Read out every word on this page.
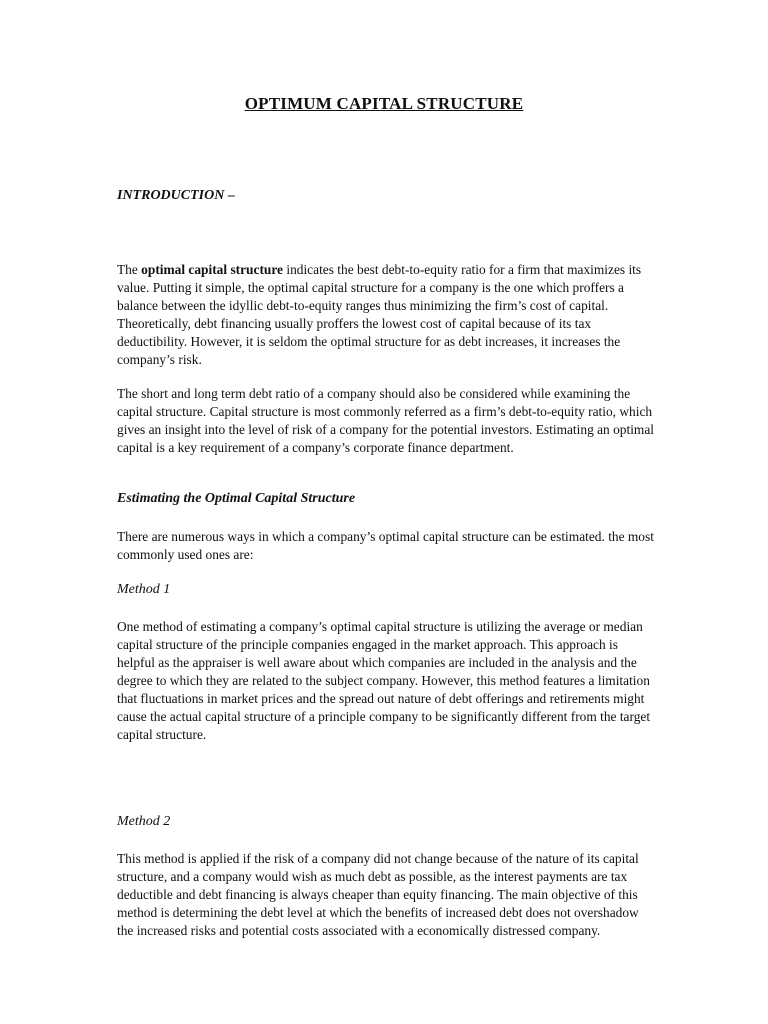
OPTIMUM CAPITAL STRUCTURE
INTRODUCTION –
The optimal capital structure indicates the best debt-to-equity ratio for a firm that maximizes its value. Putting it simple, the optimal capital structure for a company is the one which proffers a balance between the idyllic debt-to-equity ranges thus minimizing the firm’s cost of capital. Theoretically, debt financing usually proffers the lowest cost of capital because of its tax deductibility. However, it is seldom the optimal structure for as debt increases, it increases the company’s risk.
The short and long term debt ratio of a company should also be considered while examining the capital structure. Capital structure is most commonly referred as a firm’s debt-to-equity ratio, which gives an insight into the level of risk of a company for the potential investors. Estimating an optimal capital is a key requirement of a company’s corporate finance department.
Estimating the Optimal Capital Structure
There are numerous ways in which a company’s optimal capital structure can be estimated. the most commonly used ones are:
Method 1
One method of estimating a company’s optimal capital structure is utilizing the average or median capital structure of the principle companies engaged in the market approach. This approach is helpful as the appraiser is well aware about which companies are included in the analysis and the degree to which they are related to the subject company. However, this method features a limitation that fluctuations in market prices and the spread out nature of debt offerings and retirements might cause the actual capital structure of a principle company to be significantly different from the target capital structure.
Method 2
This method is applied if the risk of a company did not change because of the nature of its capital structure, and a company would wish as much debt as possible, as the interest payments are tax deductible and debt financing is always cheaper than equity financing. The main objective of this method is determining the debt level at which the benefits of increased debt does not overshadow the increased risks and potential costs associated with a economically distressed company.
